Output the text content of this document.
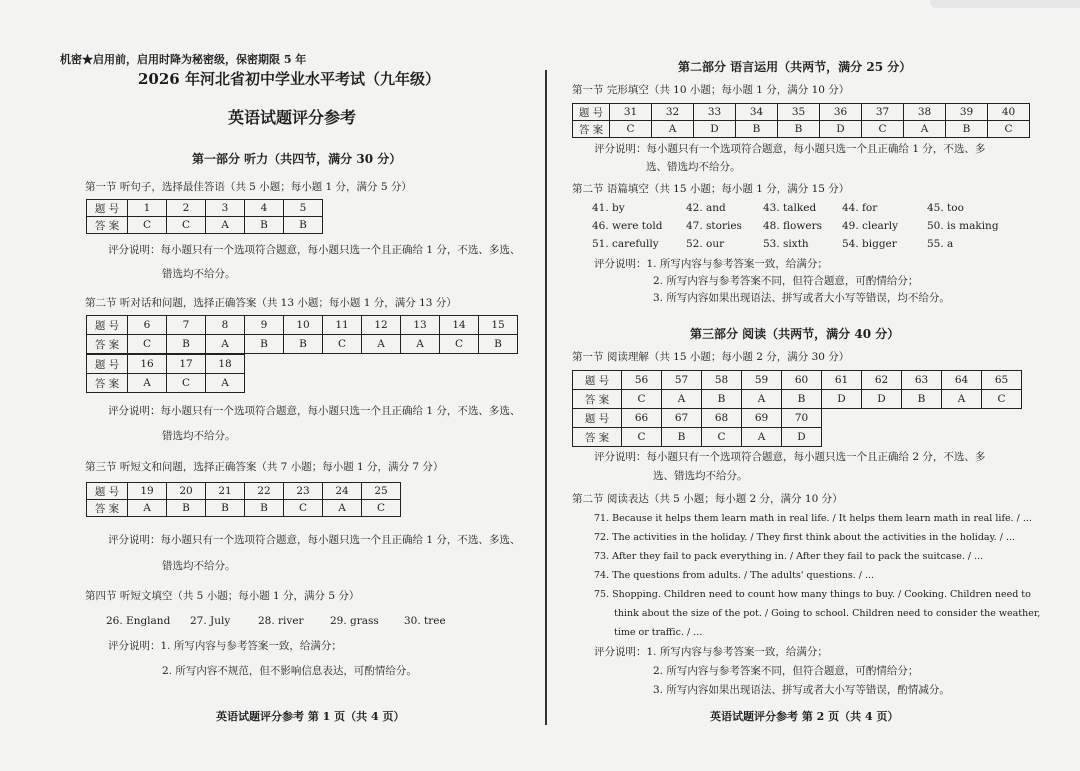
机密★启用前，启用时降为秘密级，保密期限 5 年
2026 年河北省初中学业水平考试（九年级）
英语试题评分参考
第一部分 听力（共四节，满分 30 分）
第一节 听句子，选择最佳答语（共 5 小题；每小题 1 分，满分 5 分）
题 号	1	2	3	4	5
答 案	C	C	A	B	B
评分说明：每小题只有一个选项符合题意，每小题只选一个且正确给 1 分，不选、多选、
错选均不给分。
第二节 听对话和问题，选择正确答案（共 13 小题；每小题 1 分，满分 13 分）
题 号	6	7	8	9	10	11	12	13	14	15
答 案	C	B	A	B	B	C	A	A	C	B
题 号	16	17	18
答 案	A	C	A
评分说明：每小题只有一个选项符合题意，每小题只选一个且正确给 1 分，不选、多选、
错选均不给分。
第三节 听短文和问题，选择正确答案（共 7 小题；每小题 1 分，满分 7 分）
题 号	19	20	21	22	23	24	25
答 案	A	B	B	B	C	A	C
评分说明：每小题只有一个选项符合题意，每小题只选一个且正确给 1 分，不选、多选、
错选均不给分。
第四节 听短文填空（共 5 小题；每小题 1 分，满分 5 分）
26. England 27. July	28. river	29. grass 30. tree
评分说明：1. 所写内容与参考答案一致，给满分；
2. 所写内容不规范，但不影响信息表达，可酌情给分。
英语试题评分参考 第 1 页（共 4 页）
第二部分 语言运用（共两节，满分 25 分）
第一节 完形填空（共 10 小题；每小题 1 分，满分 10 分）
题 号	31	32	33	34	35	36	37	38	39	40
答 案	C	A	D	B	B	D	C	A	B	C
评分说明：每小题只有一个选项符合题意，每小题只选一个且正确给 1 分，不选、多
选、错选均不给分。
第二节 语篇填空（共 15 小题；每小题 1 分，满分 15 分）
41. by	42. and	43. talked 44. for	45. too
46. were told 47. stories 48. flowers 49. clearly	50. is making
51. carefully	52. our	53. sixth	54. bigger	55. a
评分说明：1. 所写内容与参考答案一致，给满分；
2. 所写内容与参考答案不同，但符合题意，可酌情给分；
3. 所写内容如果出现语法、拼写或者大小写等错误，均不给分。
第三部分 阅读（共两节，满分 40 分）
第一节 阅读理解（共 15 小题；每小题 2 分，满分 30 分）
题 号	56	57	58	59	60	61	62	63	64	65
答 案	C	A	B	A	B	D	D	B	A	C
题 号	66	67	68	69	70
答 案	C	B	C	A	D
评分说明：每小题只有一个选项符合题意，每小题只选一个且正确给 2 分，不选、多
选、错选均不给分。
第二节 阅读表达（共 5 小题；每小题 2 分，满分 10 分）
71. Because it helps them learn math in real life. / It helps them learn math in real life. / ...
72. The activities in the holiday. / They first think about the activities in the holiday. / ...
73. After they fail to pack everything in. / After they fail to pack the suitcase. / ...
74. The questions from adults. / The adults' questions. / ...
75. Shopping. Children need to count how many things to buy. / Cooking. Children need to
think about the size of the pot. / Going to school. Children need to consider the weather,
time or traffic. / ...
评分说明：1. 所写内容与参考答案一致，给满分；
2. 所写内容与参考答案不同，但符合题意，可酌情给分；
3. 所写内容如果出现语法、拼写或者大小写等错误，酌情减分。
英语试题评分参考 第 2 页（共 4 页）
